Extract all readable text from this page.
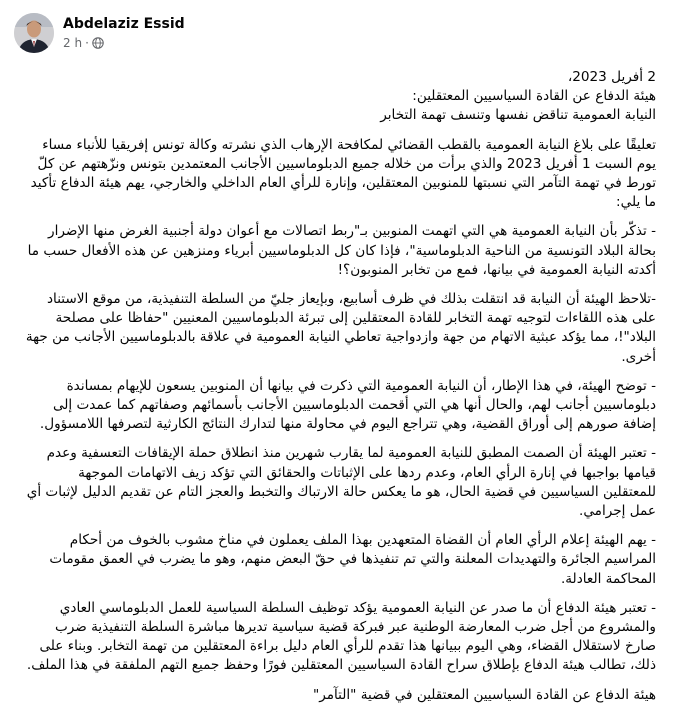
Abdelaziz Essid
2 h ·

2 أفريل 2023،

هيئة الدفاع عن القادة السياسيين المعتقلين:

النيابة العمومية تناقض نفسها وتنسف تهمة التخابر

تعليقًا على بلاغ النيابة العمومية بالقطب القضائي لمكافحة الإرهاب الذي نشرته وكالة تونس إفريقيا للأنباء مساء يوم السبت 1 أفريل 2023 والذي برأت من خلاله جميع الدبلوماسيين الأجانب المعتمدين بتونس ونزّهتهم عن كلّ تورط في تهمة التآمر التي نسبتها للمنوبين المعتقلين، وإنارة للرأي العام الداخلي والخارجي، يهم هيئة الدفاع تأكيد ما يلي:

- تذكّر بأن النيابة العمومية هي التي اتهمت المنوبين بـ"ربط اتصالات مع أعوان دولة أجنبية الغرض منها الإضرار بحالة البلاد التونسية من الناحية الدبلوماسية"، فإذا كان كل الدبلوماسيين أبرياء ومنزهين عن هذه الأفعال حسب ما أكدته النيابة العمومية في بيانها، فمع من تخابر المنوبون؟!

-تلاحظ الهيئة أن النيابة قد انتقلت بذلك في ظرف أسابيع، وبإيعاز جليّ من السلطة التنفيذية، من موقع الاستناد على هذه اللقاءات لتوجيه تهمة التخابر للقادة المعتقلين إلى تبرئة الدبلوماسيين المعنيين "حفاظا على مصلحة البلاد"!، مما يؤكد عبثية الاتهام من جهة وازدواجية تعاطي النيابة العمومية في علاقة بالدبلوماسيين الأجانب من جهة أخرى.

- توضح الهيئة، في هذا الإطار، أن النيابة العمومية التي ذكرت في بيانها أن المنوبين يسعون للإيهام بمساندة دبلوماسيين أجانب لهم، والحال أنها هي التي أقحمت الدبلوماسيين الأجانب بأسمائهم وصفاتهم كما عمدت إلى إضافة صورهم إلى أوراق القضية، وهي تتراجع اليوم في محاولة منها لتدارك النتائج الكارثية لتصرفها اللامسؤول.

- تعتبر الهيئة أن الصمت المطبق للنيابة العمومية لما يقارب شهرين منذ انطلاق حملة الإيقافات التعسفية وعدم قيامها بواجبها في إنارة الرأي العام، وعدم ردها على الإثباتات والحقائق التي تؤكد زيف الاتهامات الموجهة للمعتقلين السياسيين في قضية الحال، هو ما يعكس حالة الارتباك والتخبط والعجز التام عن تقديم الدليل لإثبات أي عمل إجرامي.

- يهم الهيئة إعلام الرأي العام أن القضاة المتعهدين بهذا الملف يعملون في مناخ مشوب بالخوف من أحكام المراسيم الجائرة والتهديدات المعلنة والتي تم تنفيذها في حقّ البعض منهم، وهو ما يضرب في العمق مقومات المحاكمة العادلة.

- تعتبر هيئة الدفاع أن ما صدر عن النيابة العمومية يؤكد توظيف السلطة السياسية للعمل الدبلوماسي العادي والمشروع من أجل ضرب المعارضة الوطنية عبر فبركة قضية سياسية تديرها مباشرة السلطة التنفيذية ضرب صارخ لاستقلال القضاء، وهي اليوم ببيانها هذا تقدم للرأي العام دليل براءة المعتقلين من تهمة التخابر. وبناء على ذلك، تطالب هيئة الدفاع بإطلاق سراح القادة السياسيين المعتقلين فورًا وحفظ جميع التهم الملفقة في هذا الملف.

هيئة الدفاع عن القادة السياسيين المعتقلين في قضية "التآمر"
